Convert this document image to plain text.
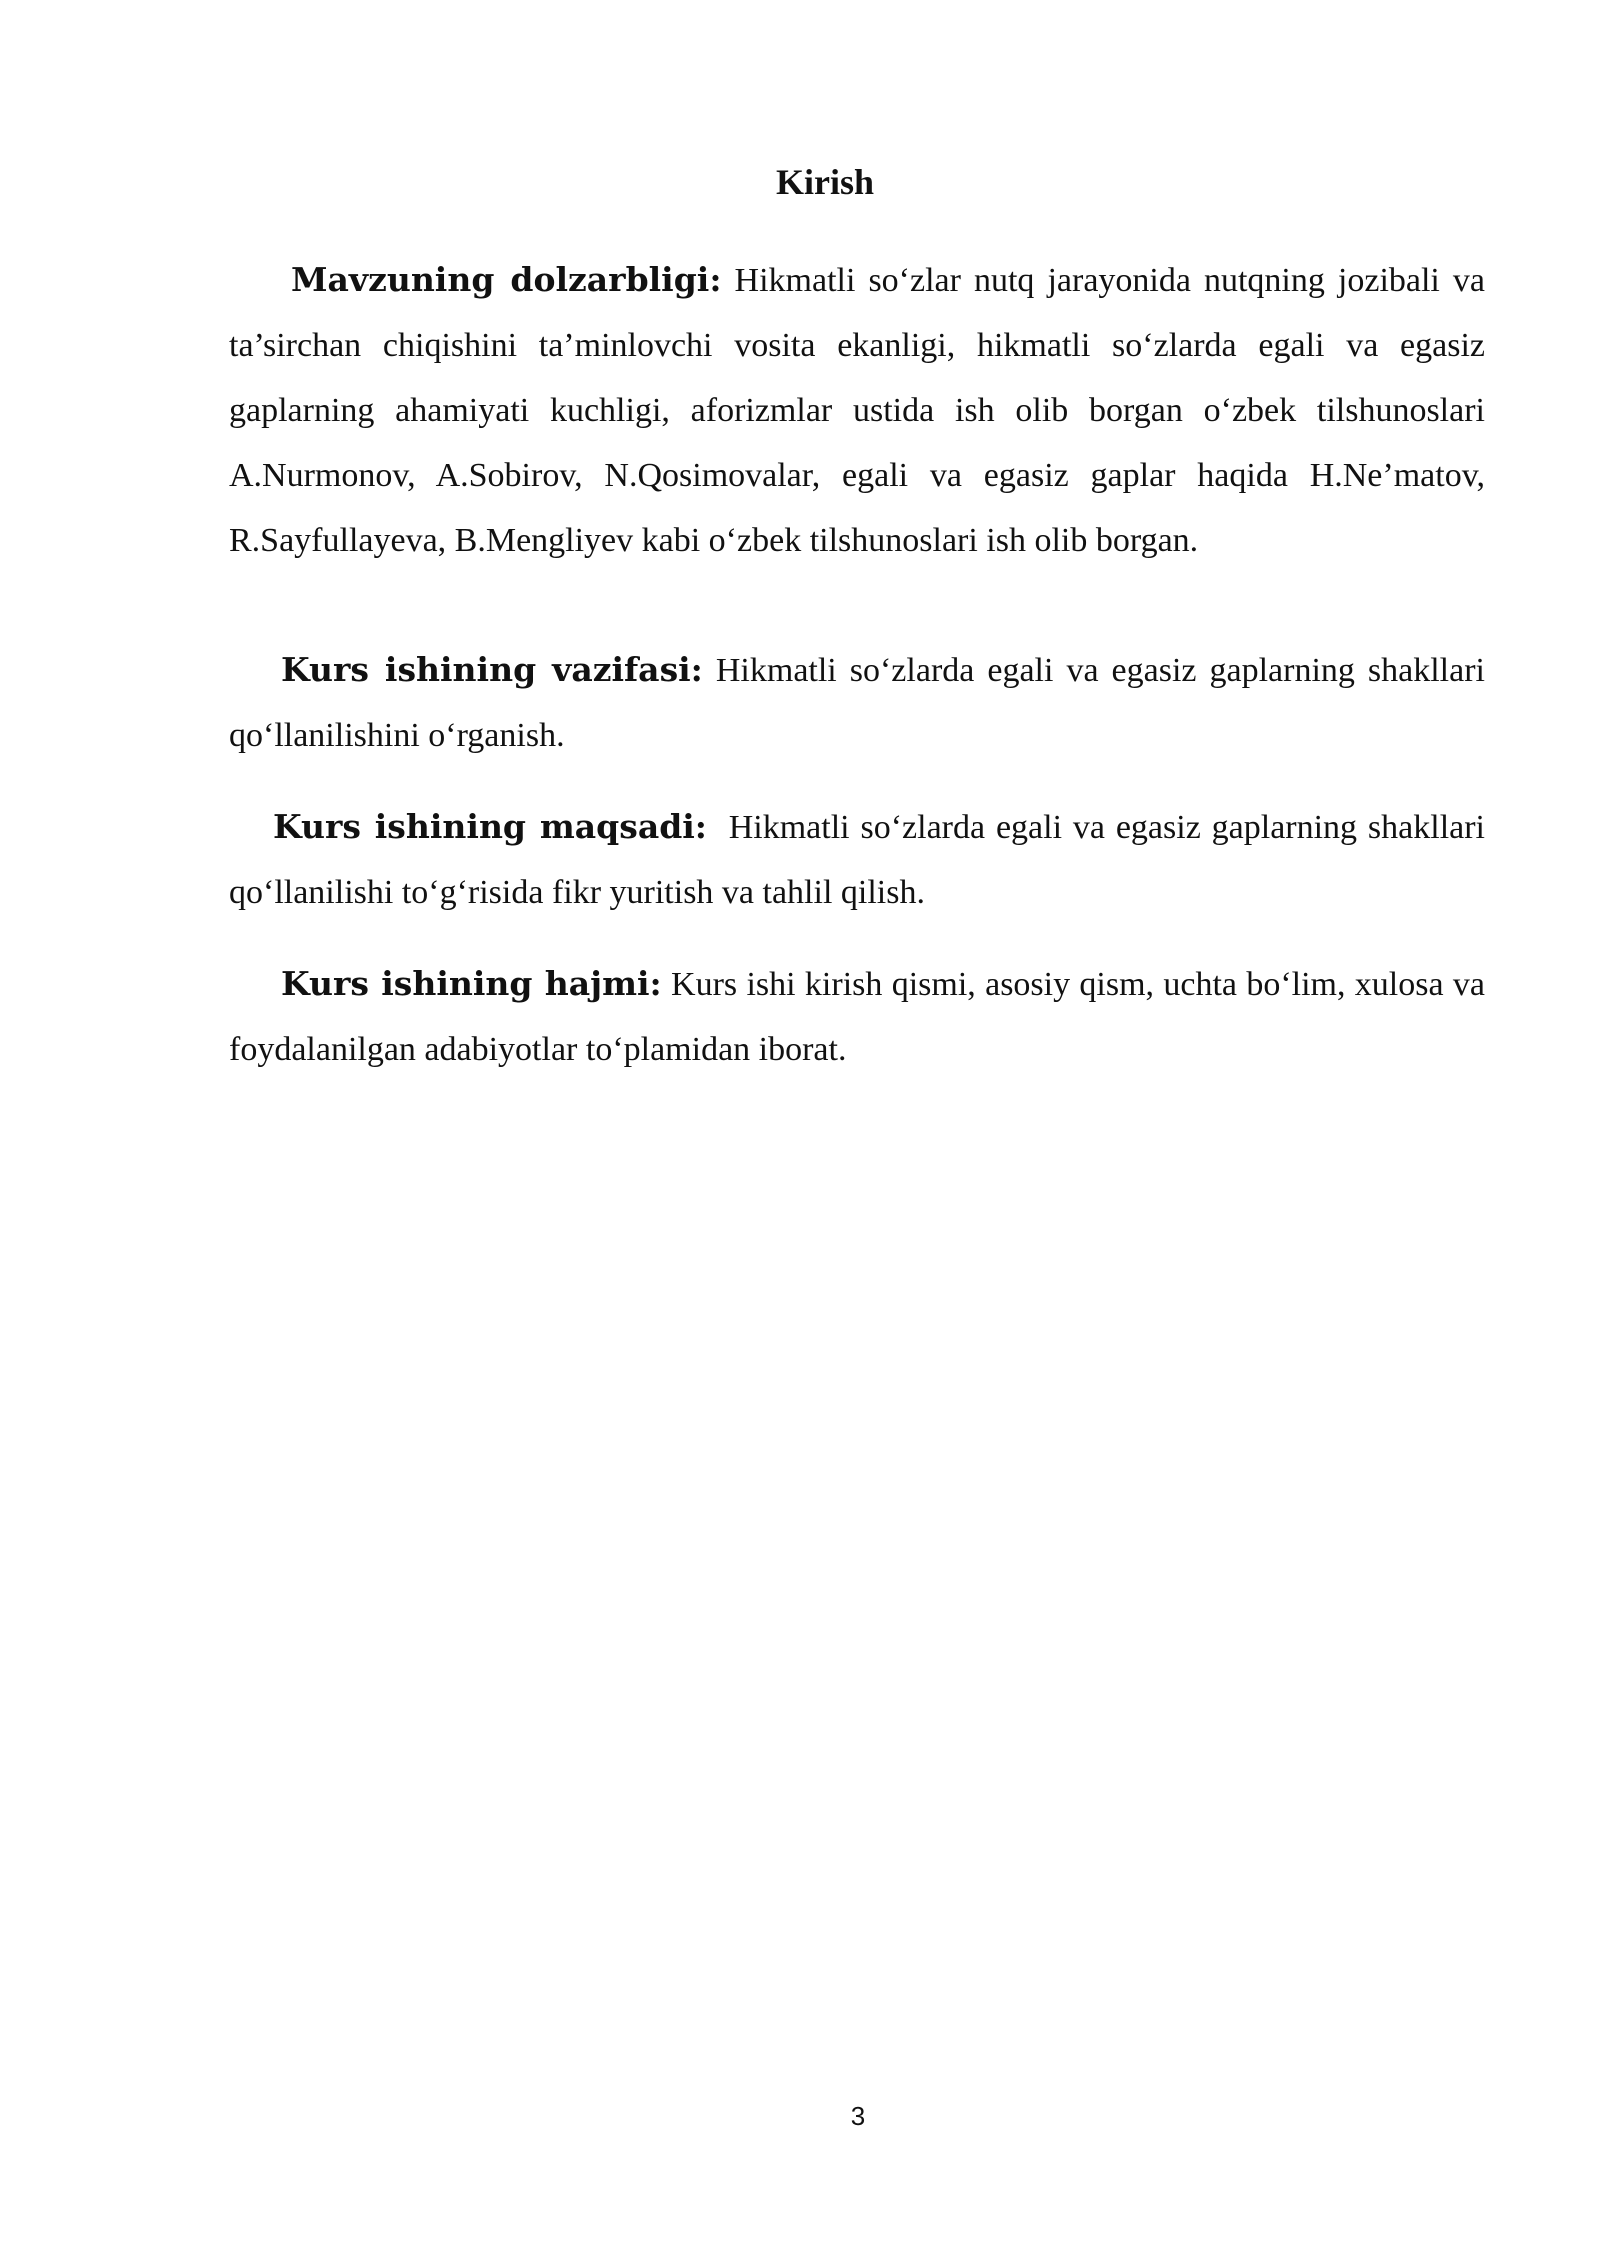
Kirish

Mavzuning dolzarbligi: Hikmatli so‘zlar nutq jarayonida nutqning jozibali va ta’sirchan chiqishini ta’minlovchi vosita ekanligi, hikmatli so‘zlarda egali va egasiz gaplarning ahamiyati kuchligi, aforizmlar ustida ish olib borgan o‘zbek tilshunoslari A.Nurmonov, A.Sobirov, N.Qosimovalar, egali va egasiz gaplar haqida H.Ne’matov, R.Sayfullayeva, B.Mengliyev kabi o‘zbek tilshunoslari ish olib borgan.

Kurs ishining vazifasi: Hikmatli so‘zlarda egali va egasiz gaplarning shakllari qo‘llanilishini o‘rganish.

Kurs ishining maqsadi:  Hikmatli so‘zlarda egali va egasiz gaplarning shakllari qo‘llanilishi to‘g‘risida fikr yuritish va tahlil qilish.

Kurs ishining hajmi: Kurs ishi kirish qismi, asosiy qism, uchta bo‘lim, xulosa va foydalanilgan adabiyotlar to‘plamidan iborat.

3
